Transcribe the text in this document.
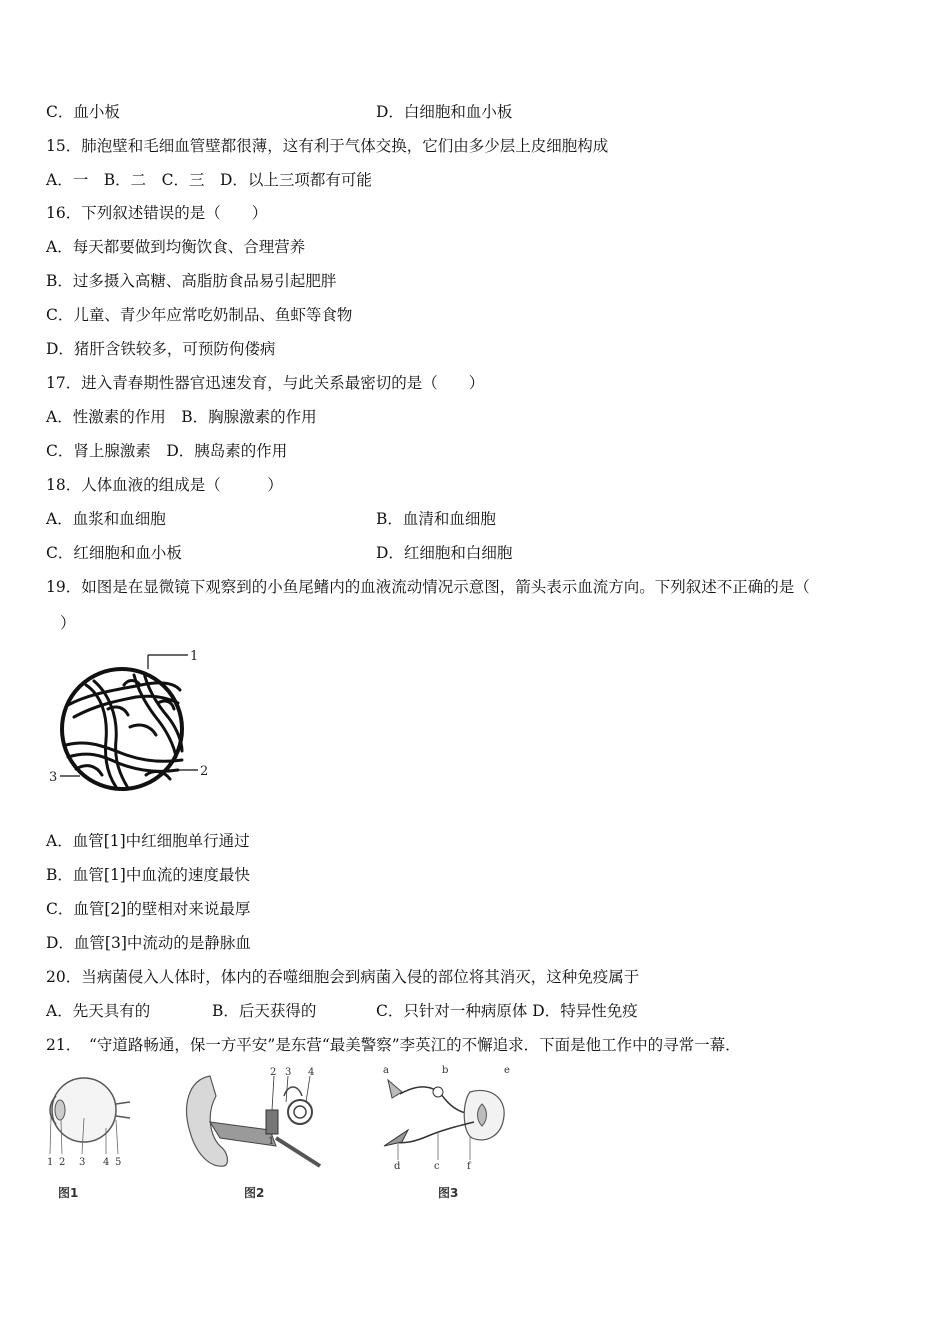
C．血小板	D．白细胞和血小板
15．肺泡壁和毛细血管壁都很薄，这有利于气体交换，它们由多少层上皮细胞构成
A．一　B．二　C．三　D．以上三项都有可能
16．下列叙述错误的是（　　）
A．每天都要做到均衡饮食、合理营养
B．过多摄入高糖、高脂肪食品易引起肥胖
C．儿童、青少年应常吃奶制品、鱼虾等食物
D．猪肝含铁较多，可预防佝偻病
17．进入青春期性器官迅速发育，与此关系最密切的是（　　）
A．性激素的作用　B．胸腺激素的作用
C．肾上腺激素　D．胰岛素的作用
18．人体血液的组成是（　　　）
A．血浆和血细胞	B．血清和血细胞
C．红细胞和血小板	D．红细胞和白细胞
19．如图是在显微镜下观察到的小鱼尾鳍内的血液流动情况示意图，箭头表示血流方向。下列叙述不正确的是（
）
1
2
3
A．血管[1]中红细胞单行通过
B．血管[1]中血流的速度最快
C．血管[2]的壁相对来说最厚
D．血管[3]中流动的是静脉血
20．当病菌侵入人体时，体内的吞噬细胞会到病菌入侵的部位将其消灭，这种免疫属于
A．先天具有的	B．后天获得的	C．只针对一种病原体 D．特异性免疫
21．　“守道路畅通，保一方平安”是东营“最美警察”李英江的不懈追求．下面是他工作中的寻常一幕．
1 2 3 4 5
图1
2 3 4
1
图2
a	b	e
d	c	f
图3
